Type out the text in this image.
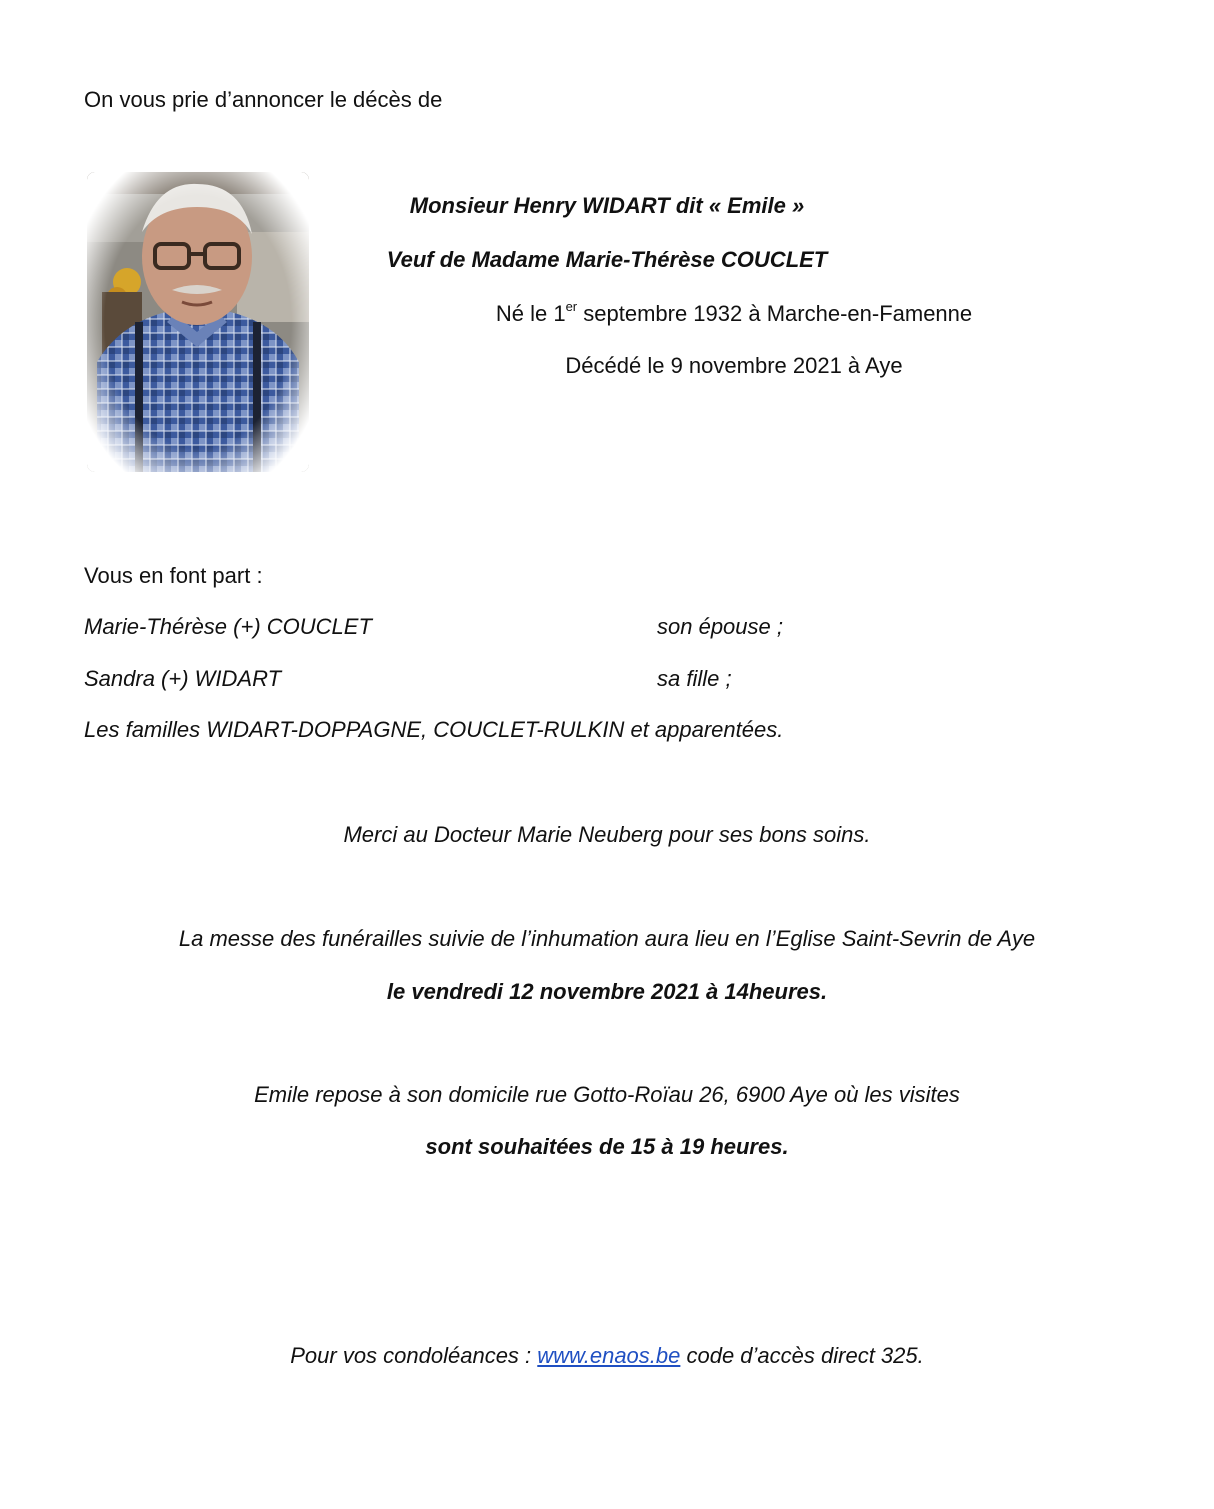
On vous prie d’annoncer le décès de
Monsieur Henry WIDART dit « Emile »
Veuf de Madame Marie-Thérèse COUCLET
Né le 1er septembre 1932 à Marche-en-Famenne
Décédé le 9 novembre 2021 à Aye
Vous en font part :
Marie-Thérèse (+) COUCLET	son épouse ;
Sandra (+) WIDART	sa fille ;
Les familles WIDART-DOPPAGNE, COUCLET-RULKIN et apparentées.
Merci au Docteur Marie Neuberg pour ses bons soins.
La messe des funérailles suivie de l’inhumation aura lieu en l’Eglise Saint-Sevrin de Aye
le vendredi 12 novembre 2021 à 14heures.
Emile repose à son domicile rue Gotto-Roïau 26, 6900 Aye où les visites
sont souhaitées de 15 à 19 heures.
Pour vos condoléances : www.enaos.be code d’accès direct 325.
